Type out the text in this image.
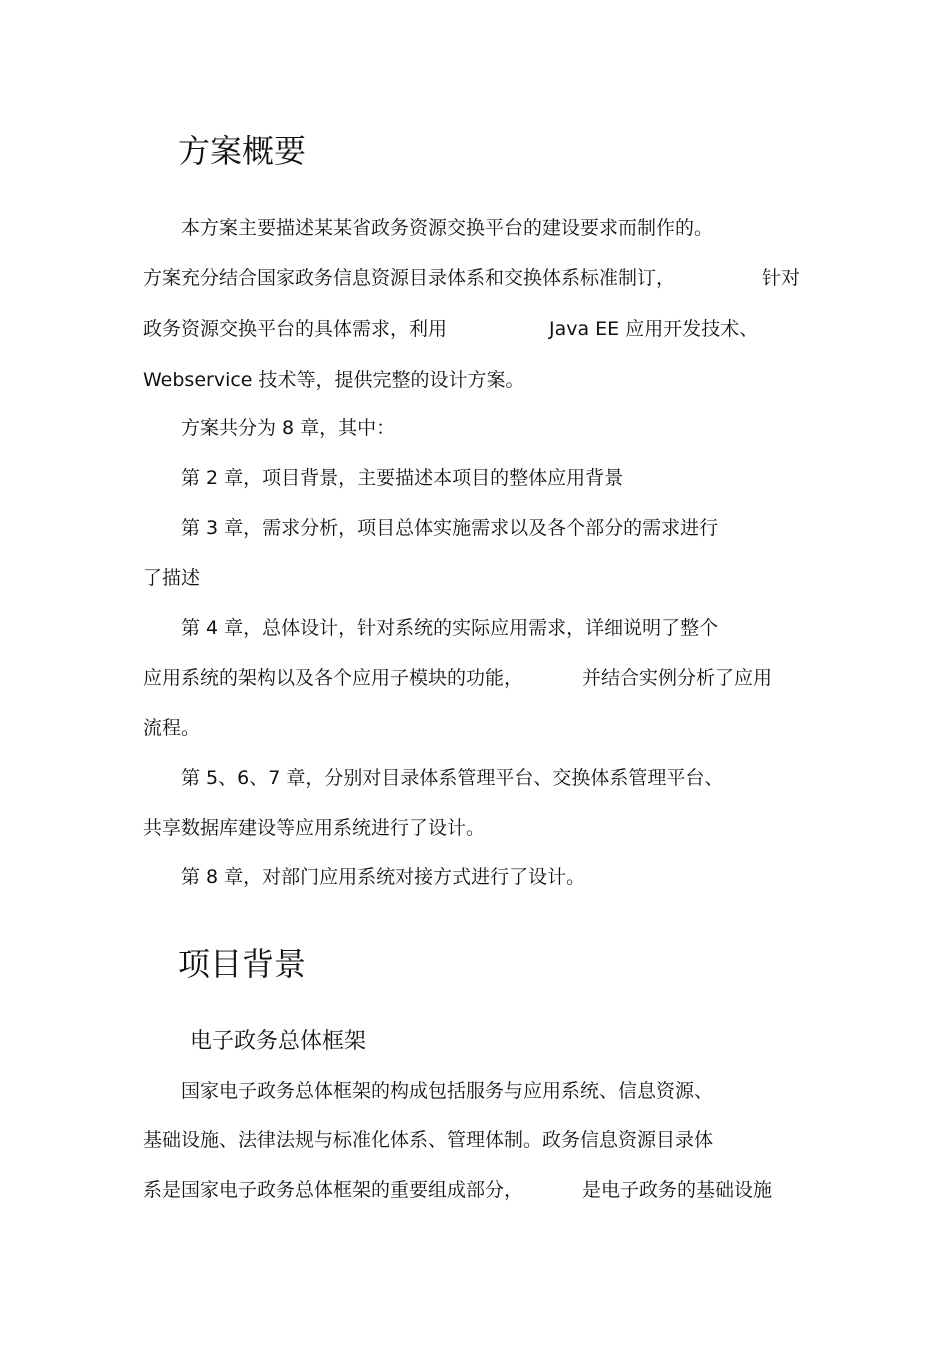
方案概要
本方案主要描述某某省政务资源交换平台的建设要求而制作的。
方案充分结合国家政务信息资源目录体系和交换体系标准制订，	针对
政务资源交换平台的具体需求，利用	Java EE 应用开发技术、
Webservice 技术等，提供完整的设计方案。
方案共分为 8 章，其中：
第 2 章，项目背景，主要描述本项目的整体应用背景
第 3 章，需求分析，项目总体实施需求以及各个部分的需求进行
了描述
第 4 章，总体设计，针对系统的实际应用需求，详细说明了整个
应用系统的架构以及各个应用子模块的功能，	并结合实例分析了应用
流程。
第 5、6、7 章，分别对目录体系管理平台、交换体系管理平台、
共享数据库建设等应用系统进行了设计。
第 8 章，对部门应用系统对接方式进行了设计。
项目背景
电子政务总体框架
国家电子政务总体框架的构成包括服务与应用系统、信息资源、
基础设施、法律法规与标准化体系、管理体制。政务信息资源目录体
系是国家电子政务总体框架的重要组成部分，	是电子政务的基础设施
